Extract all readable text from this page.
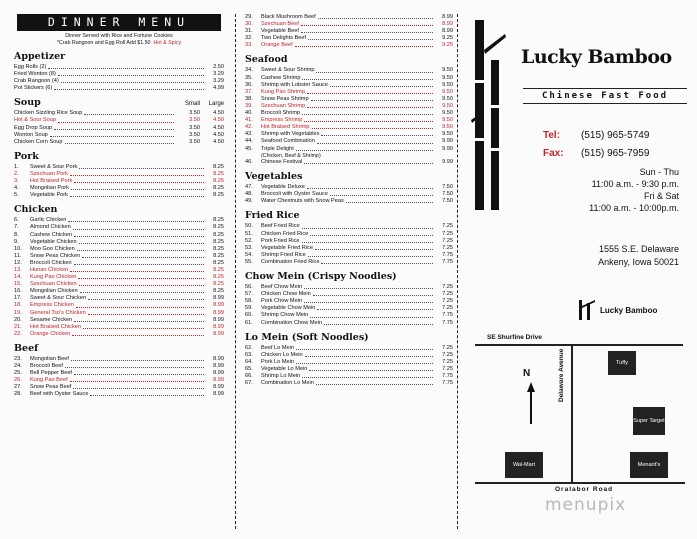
DINNER MENU
Dinner Served with Rice and Fortune Cookies
*Crab Rangoon and Egg Roll Add $1.50 Hot & Spicy
Appetizer
Egg Rolls (2)	2.50
Fried Wonton (8)	3.29
Crab Rangoon (4)	3.29
Pot Stickers (6)	4.99
Soup	Small	Large
Chicken Sizzling Rice Soup	3.50	4.50
Hot & Sour Soup	3.50	4.50
Egg Drop Soup	3.50	4.50
Wonton Soup	3.50	4.50
Chicken Corn Soup	3.50	4.50
Pork
1.	Sweet & Sour Pork	8.25
2.	Szechuan Pork	8.25
3.	Hot Braised Pork	8.25
4.	Mongolian Pork	8.25
5.	Vegetable Pork	8.25
Chicken
6.	Garlic Chicken	8.25
7.	Almond Chicken	8.25
8.	Cashew Chicken	8.25
9.	Vegetable Chicken	8.25
10.	Moo Goo Chicken	8.25
11.	Snow Peas Chicken	8.25
12.	Broccoli Chicken	8.25
13.	Hunan Chicken	8.25
14.	Kung Pao Chicken	8.25
15.	Szechuan Chicken	8.25
16.	Mongolian Chicken	8.25
17.	Sweet & Sour Chicken	8.99
18.	Empress Chicken	8.99
19.	General Tso's Chicken	8.99
20.	Sesame Chicken	8.99
21.	Hot Braised Chicken	8.99
22.	Orange Chicken	8.99
Beef
23.	Mongolian Beef	8.99
24.	Broccoli Beef	8.99
25.	Bell Pepper Beef	8.99
26.	Kung Pao Beef	8.99
27.	Snow Peas Beef	8.99
28.	Beef with Oyster Sauce	8.99
29.	Black Mushroom Beef	8.99
30.	Szechuan Beef	8.99
31.	Vegetable Beef	8.99
32.	Two Delights Beef	9.25
33.	Orange Beef	9.25
Seafood
34.	Sweet & Sour Shrimp	9.50
35.	Cashew Shrimp	9.50
36.	Shrimp with Lobster Sauce	9.50
37.	Kung Pao Shrimp	9.50
38.	Snow Peas Shrimp	9.50
39.	Szechuan Shrimp	9.50
40.	Broccoli Shrimp	9.50
41.	Empress Shrimp	9.50
42.	Hot Braised Shrimp	9.50
43.	Shrimp with Vegetables	9.50
44.	Seafood Combination	9.99
45.	Triple Delight	9.99
(Chicken, Beef & Shrimp)
46.	Chinese Festival	9.99
Vegetables
47.	Vegetable Deluxe	7.50
48.	Broccoli with Oyster Sauce	7.50
49.	Water Chestnuts with Snow Peas	7.50
Fried Rice
50.	Beef Fried Rice	7.25
51.	Chicken Fried Rice	7.25
52.	Pork Fried Rice	7.25
53.	Vegetable Fried Rice	7.25
54.	Shrimp Fried Rice	7.75
55.	Combination Fried Rice	7.75
Chow Mein (Crispy Noodles)
56.	Beef Chow Mein	7.25
57.	Chicken Chow Mein	7.25
58.	Pork Chow Mein	7.25
59.	Vegetable Chow Mein	7.25
60.	Shrimp Chow Mein	7.75
61.	Combination Chow Mein	7.75
Lo Mein (Soft Noodles)
62.	Beef Lo Mein	7.25
63.	Chicken Lo Mein	7.25
64.	Pork Lo Mein	7.25
65.	Vegetable Lo Mein	7.25
66.	Shrimp Lo Mein	7.75
67.	Combination Lo Mein	7.75
Lucky Bamboo
Chinese Fast Food
Tel: (515) 965-5749
Fax: (515) 965-7959
Sun - Thu
11:00 a.m. - 9:30 p.m.
Fri & Sat
11:00 a.m. - 10:00p.m.
1555 S.E. Delaware
Ankeny, Iowa 50021
Lucky Bamboo
SE Shurfine Drive
Delaware Avenue
Oralabor Road
Tuffy
Super Target
Wal-Mart	Menard's
N
menupix
